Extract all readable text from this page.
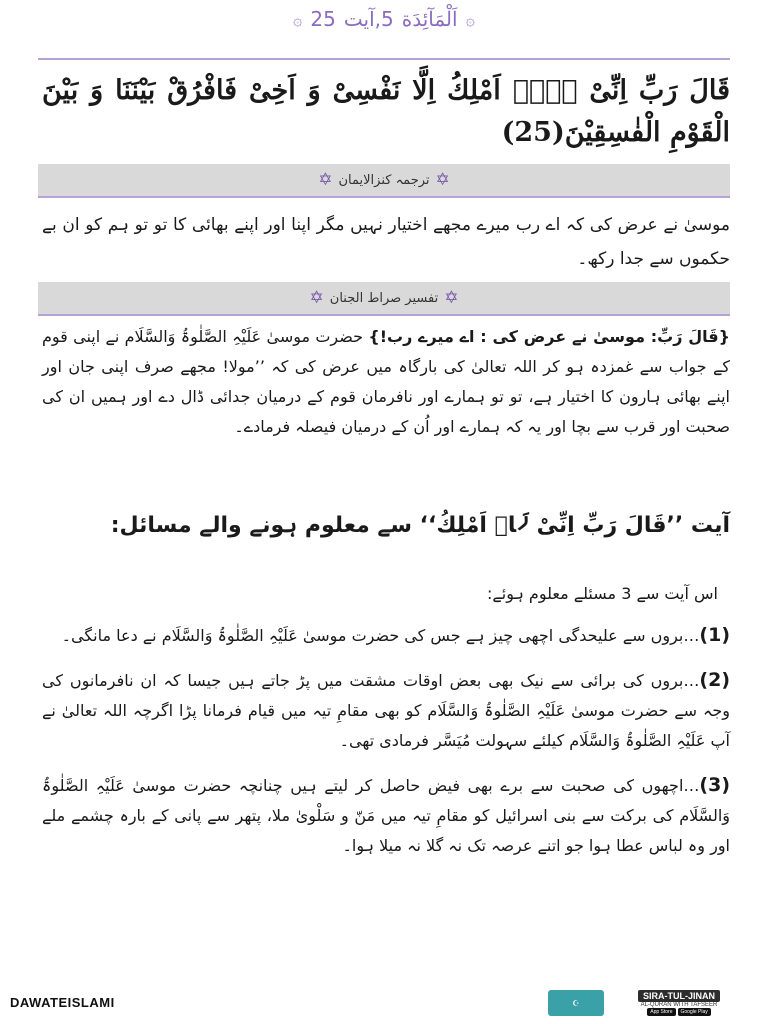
۞
اَلْمَآئِدَة
5,آیت
25
۞
قَالَ رَبِّ اِنِّیْ لَاۤ اَمْلِكُ اِلَّا نَفْسِیْ وَ اَخِیْ فَافْرُقْ بَیْنَنَا وَ بَیْنَ الْقَوْمِ الْفٰسِقِیْنَ(25)
✡
ترجمہ کنزالایمان
✡
موسیٰ نے عرض کی کہ اے رب میرے مجھے اختیار نہیں مگر اپنا اور اپنے بھائی کا تو تو ہم کو ان بے حکموں سے جدا رکھ۔
✡
تفسیر صراط الجنان
✡
{قَالَ رَبِّ: موسیٰ نے عرض کی : اے میرے رب!} حضرت موسیٰ عَلَیْہِ الصَّلٰوۃُ وَالسَّلَام نے اپنی قوم کے جواب سے غمزدہ ہو کر اللہ تعالیٰ کی بارگاہ میں عرض کی کہ ’’مولا! مجھے صرف اپنی جان اور اپنے بھائی ہارون کا اختیار ہے، تو تو ہمارے اور نافرمان قوم کے درمیان جدائی ڈال دے اور ہمیں ان کی صحبت اور قرب سے بچا اور یہ کہ ہمارے اور اُن کے درمیان فیصلہ فرمادے۔
آیت ’’قَالَ رَبِّ اِنِّیْ لَاۤ اَمْلِكُ‘‘ سے معلوم ہونے والے مسائل:
اس آیت سے 3 مسئلے معلوم ہوئے:
(1)…بروں سے علیحدگی اچھی چیز ہے جس کی حضرت موسیٰ عَلَیْہِ الصَّلٰوۃُ وَالسَّلَام نے دعا مانگی۔
(2)…بروں کی برائی سے نیک بھی بعض اوقات مشقت میں پڑ جاتے ہیں جیسا کہ ان نافرمانوں کی وجہ سے حضرت موسیٰ عَلَیْہِ الصَّلٰوۃُ وَالسَّلَام کو بھی مقامِ تیہ میں قیام فرمانا پڑا اگرچہ اللہ تعالیٰ نے آپ عَلَیْہِ الصَّلٰوۃُ وَالسَّلَام کیلئے سہولت مُیَسَّر فرمادی تھی۔
(3)…اچھوں کی صحبت سے برے بھی فیض حاصل کر لیتے ہیں چنانچہ حضرت موسیٰ عَلَیْہِ الصَّلٰوۃُ وَالسَّلَام کی برکت سے بنی اسرائیل کو مقامِ تیہ میں مَنّ و سَلْویٰ ملا، پتھر سے پانی کے بارہ چشمے ملے اور وہ لباس عطا ہوا جو اتنے عرصہ تک نہ گلا نہ میلا ہوا۔
DAWATEISLAMI	☪
SIRA-TUL-JINAN
AL-QURAN WITH TAFSEER
App Store	Google Play
